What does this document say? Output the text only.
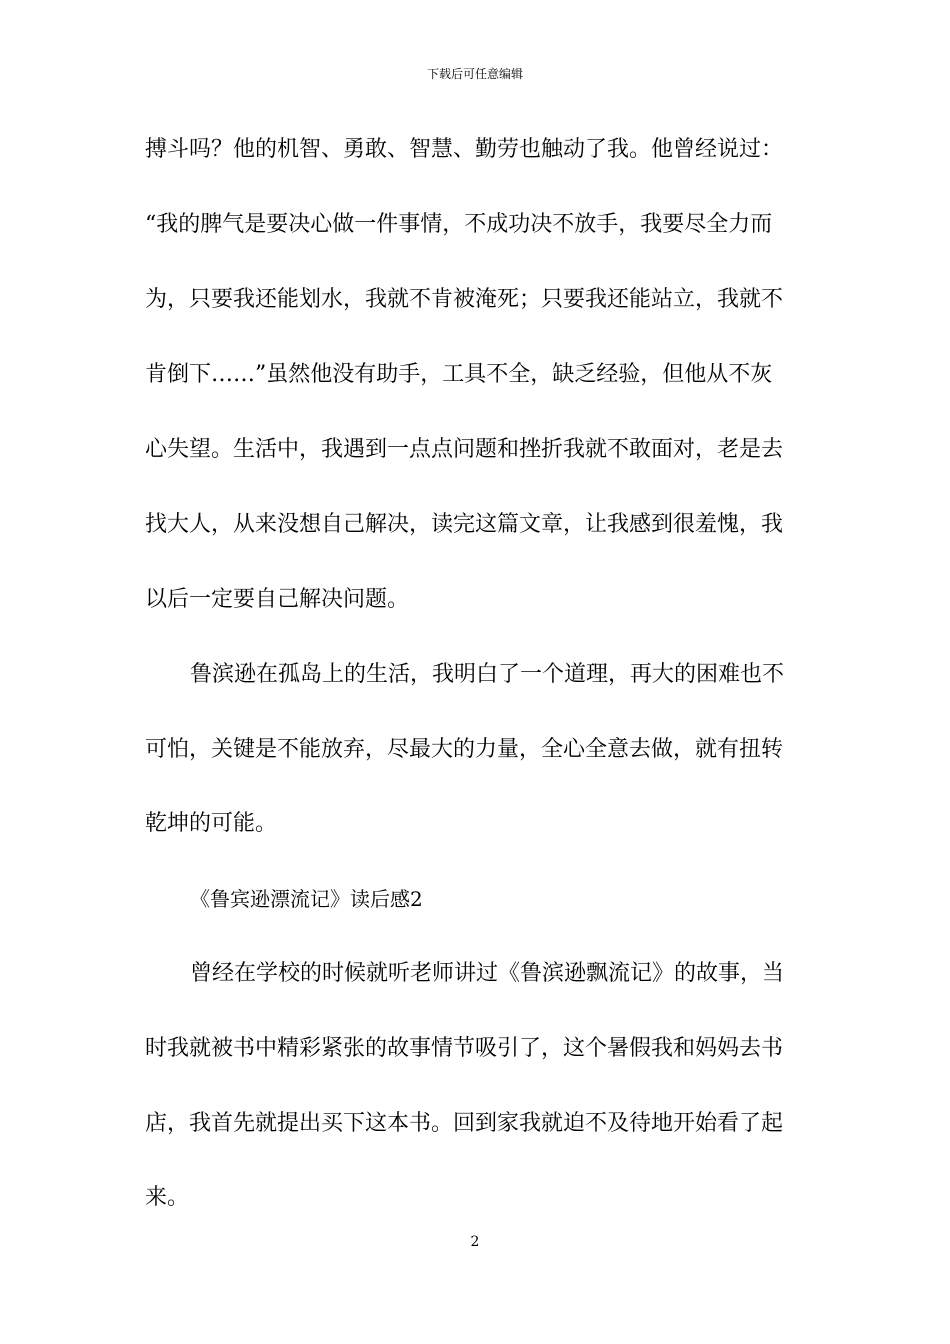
下载后可任意编辑
搏斗吗？他的机智、勇敢、智慧、勤劳也触动了我。他曾经说过：
“我的脾气是要决心做一件事情，不成功决不放手，我要尽全力而
为，只要我还能划水，我就不肯被淹死；只要我还能站立，我就不
肯倒下……”虽然他没有助手，工具不全，缺乏经验，但他从不灰
心失望。生活中，我遇到一点点问题和挫折我就不敢面对，老是去
找大人，从来没想自己解决，读完这篇文章，让我感到很羞愧，我
以后一定要自己解决问题。
鲁滨逊在孤岛上的生活，我明白了一个道理，再大的困难也不
可怕，关键是不能放弃，尽最大的力量，全心全意去做，就有扭转
乾坤的可能。
《鲁宾逊漂流记》读后感2
曾经在学校的时候就听老师讲过《鲁滨逊飘流记》的故事，当
时我就被书中精彩紧张的故事情节吸引了，这个暑假我和妈妈去书
店，我首先就提出买下这本书。回到家我就迫不及待地开始看了起
来。
2
